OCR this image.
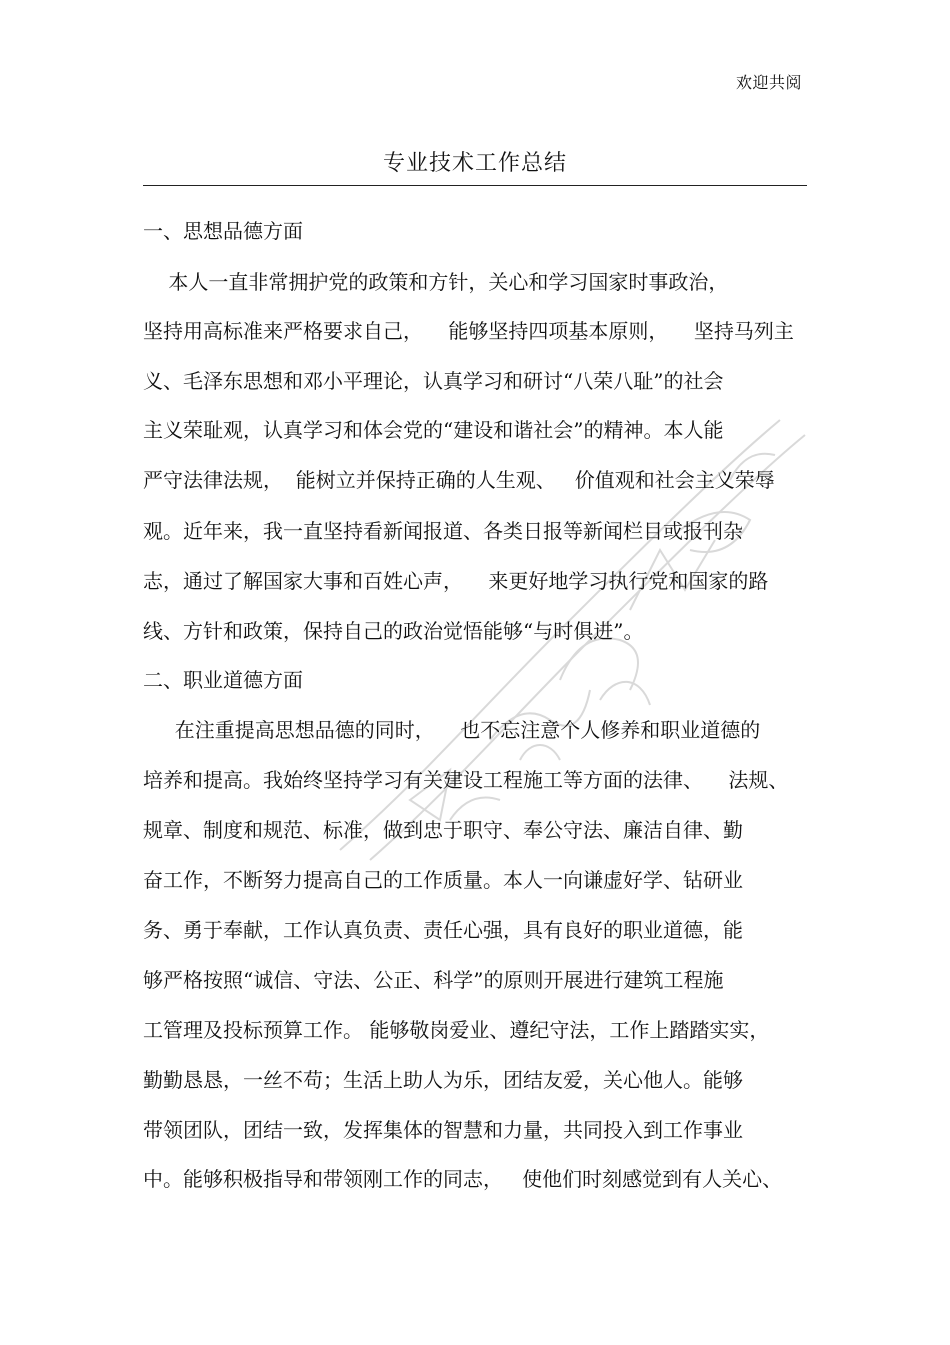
欢迎共阅
专业技术工作总结
一、思想品德方面
本人一直非常拥护党的政策和方针，关心和学习国家时事政治，
坚持用高标准来严格要求自己，    能够坚持四项基本原则，    坚持马列主
义、毛泽东思想和邓小平理论，认真学习和研讨“八荣八耻”的社会
主义荣耻观，认真学习和体会党的“建设和谐社会”的精神。本人能
严守法律法规，  能树立并保持正确的人生观、   价值观和社会主义荣辱
观。近年来，我一直坚持看新闻报道、各类日报等新闻栏目或报刊杂
志，通过了解国家大事和百姓心声，    来更好地学习执行党和国家的路
线、方针和政策，保持自己的政治觉悟能够“与时俱进”。
二、职业道德方面
在注重提高思想品德的同时，    也不忘注意个人修养和职业道德的
培养和提高。我始终坚持学习有关建设工程施工等方面的法律、    法规、
规章、制度和规范、标准，做到忠于职守、奉公守法、廉洁自律、勤
奋工作，不断努力提高自己的工作质量。本人一向谦虚好学、钻研业
务、勇于奉献，工作认真负责、责任心强，具有良好的职业道德，能
够严格按照“诚信、守法、公正、科学”的原则开展进行建筑工程施
工管理及投标预算工作。 能够敬岗爱业、遵纪守法，工作上踏踏实实，
勤勤恳恳，一丝不苟；生活上助人为乐，团结友爱，关心他人。能够
带领团队，团结一致，发挥集体的智慧和力量，共同投入到工作事业
中。能够积极指导和带领刚工作的同志，   使他们时刻感觉到有人关心、
